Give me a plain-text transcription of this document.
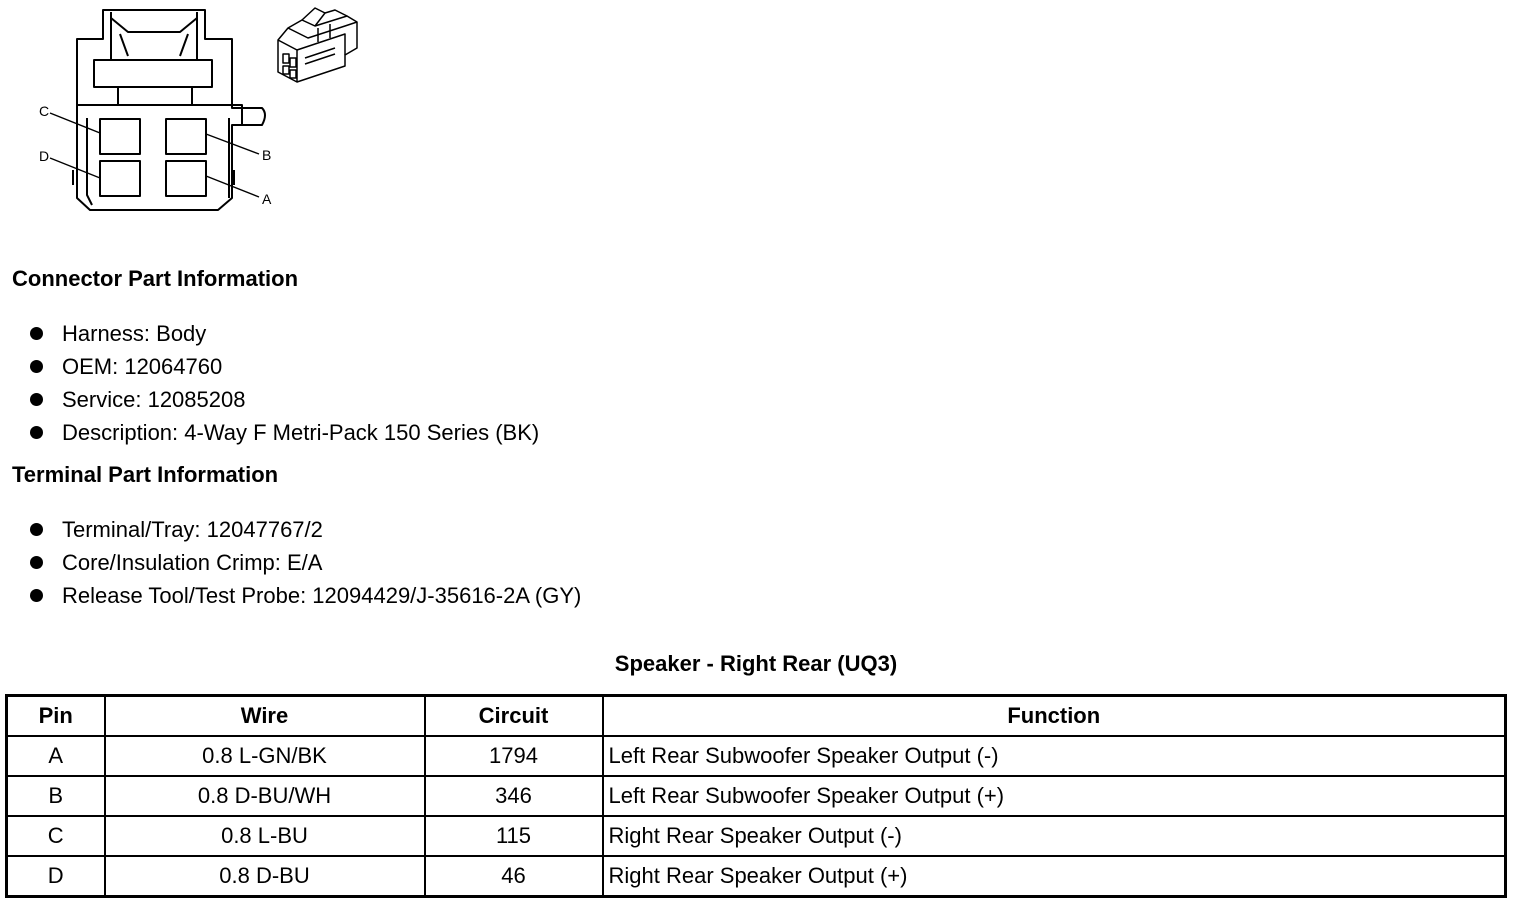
A
B
C
D
Connector Part Information
Harness: Body
OEM: 12064760
Service: 12085208
Description: 4-Way F Metri-Pack 150 Series (BK)
Terminal Part Information
Terminal/Tray: 12047767/2
Core/Insulation Crimp: E/A
Release Tool/Test Probe: 12094429/J-35616-2A (GY)
Speaker - Right Rear (UQ3)
Pin	Wire	Circuit	Function
A	0.8 L-GN/BK	1794	Left Rear Subwoofer Speaker Output (-)
B	0.8 D-BU/WH	346	Left Rear Subwoofer Speaker Output (+)
C	0.8 L-BU	115	Right Rear Speaker Output (-)
D	0.8 D-BU	46	Right Rear Speaker Output (+)
